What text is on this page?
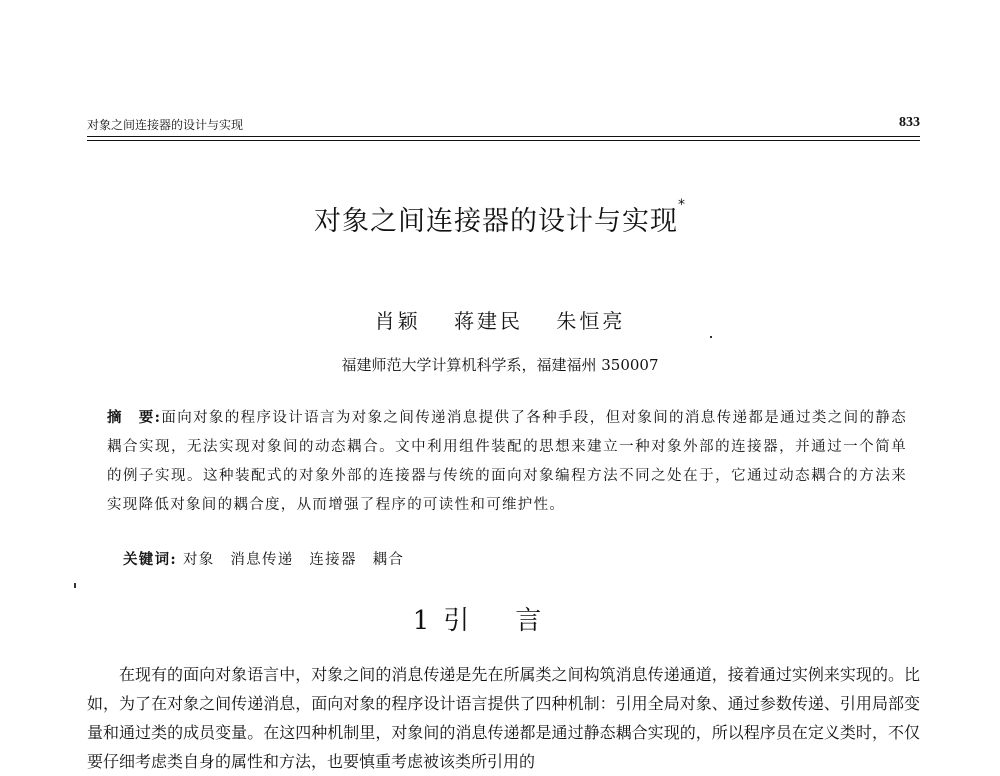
对象之间连接器的设计与实现	833
对象之间连接器的设计与实现*
肖颖 蒋建民 朱恒亮
福建师范大学计算机科学系，福建福州 350007
摘　要:面向对象的程序设计语言为对象之间传递消息提供了各种手段，但对象间的消息传递都是通过类之间的静态耦合实现，无法实现对象间的动态耦合。文中利用组件装配的思想来建立一种对象外部的连接器，并通过一个简单的例子实现。这种装配式的对象外部的连接器与传统的面向对象编程方法不同之处在于，它通过动态耦合的方法来实现降低对象间的耦合度，从而增强了程序的可读性和可维护性。
关键词: 对象　消息传递　连接器　耦合
1 引言
在现有的面向对象语言中，对象之间的消息传递是先在所属类之间构筑消息传递通道，接着通过实例来实现的。比如，为了在对象之间传递消息，面向对象的程序设计语言提供了四种机制：引用全局对象、通过参数传递、引用局部变量和通过类的成员变量。在这四种机制里，对象间的消息传递都是通过静态耦合实现的，所以程序员在定义类时，不仅要仔细考虑类自身的属性和方法，也要慎重考虑被该类所引用的
